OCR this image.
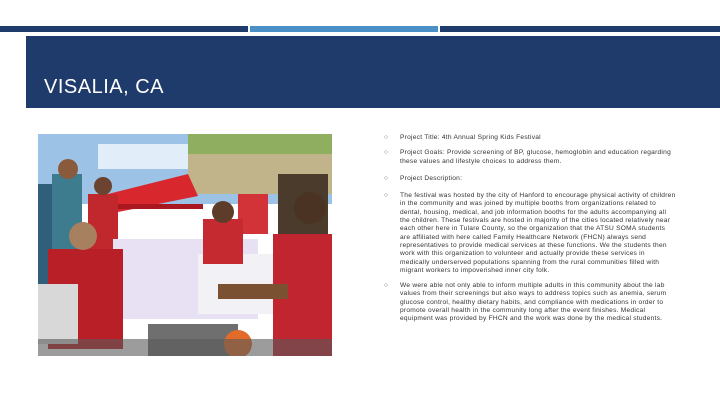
VISALIA, CA
○ Project Title: 4th Annual Spring Kids Festival
○ Project Goals: Provide screening of BP, glucose, hemoglobin and education regarding these values and lifestyle choices to address them.
○ Project Description:
○ The festival was hosted by the city of Hanford to encourage physical activity of children in the community and was joined by multiple booths from organizations related to dental, housing, medical, and job information booths for the adults accompanying all the children. These festivals are hosted in majority of the cities located relatively near each other here in Tulare County, so the organization that the ATSU SOMA students are affiliated with here called Family Healthcare Network (FHCN) always send representatives to provide medical services at these functions. We the students then work with this organization to volunteer and actually provide these services in medically underserved populations spanning from the rural communities filled with migrant workers to impoverished inner city folk.
○ We were able not only able to inform multiple adults in this community about the lab values from their screenings but also ways to address topics such as anemia, serum glucose control, healthy dietary habits, and compliance with medications in order to promote overall health in the community long after the event finishes. Medical equipment was provided by FHCN and the work was done by the medical students.
